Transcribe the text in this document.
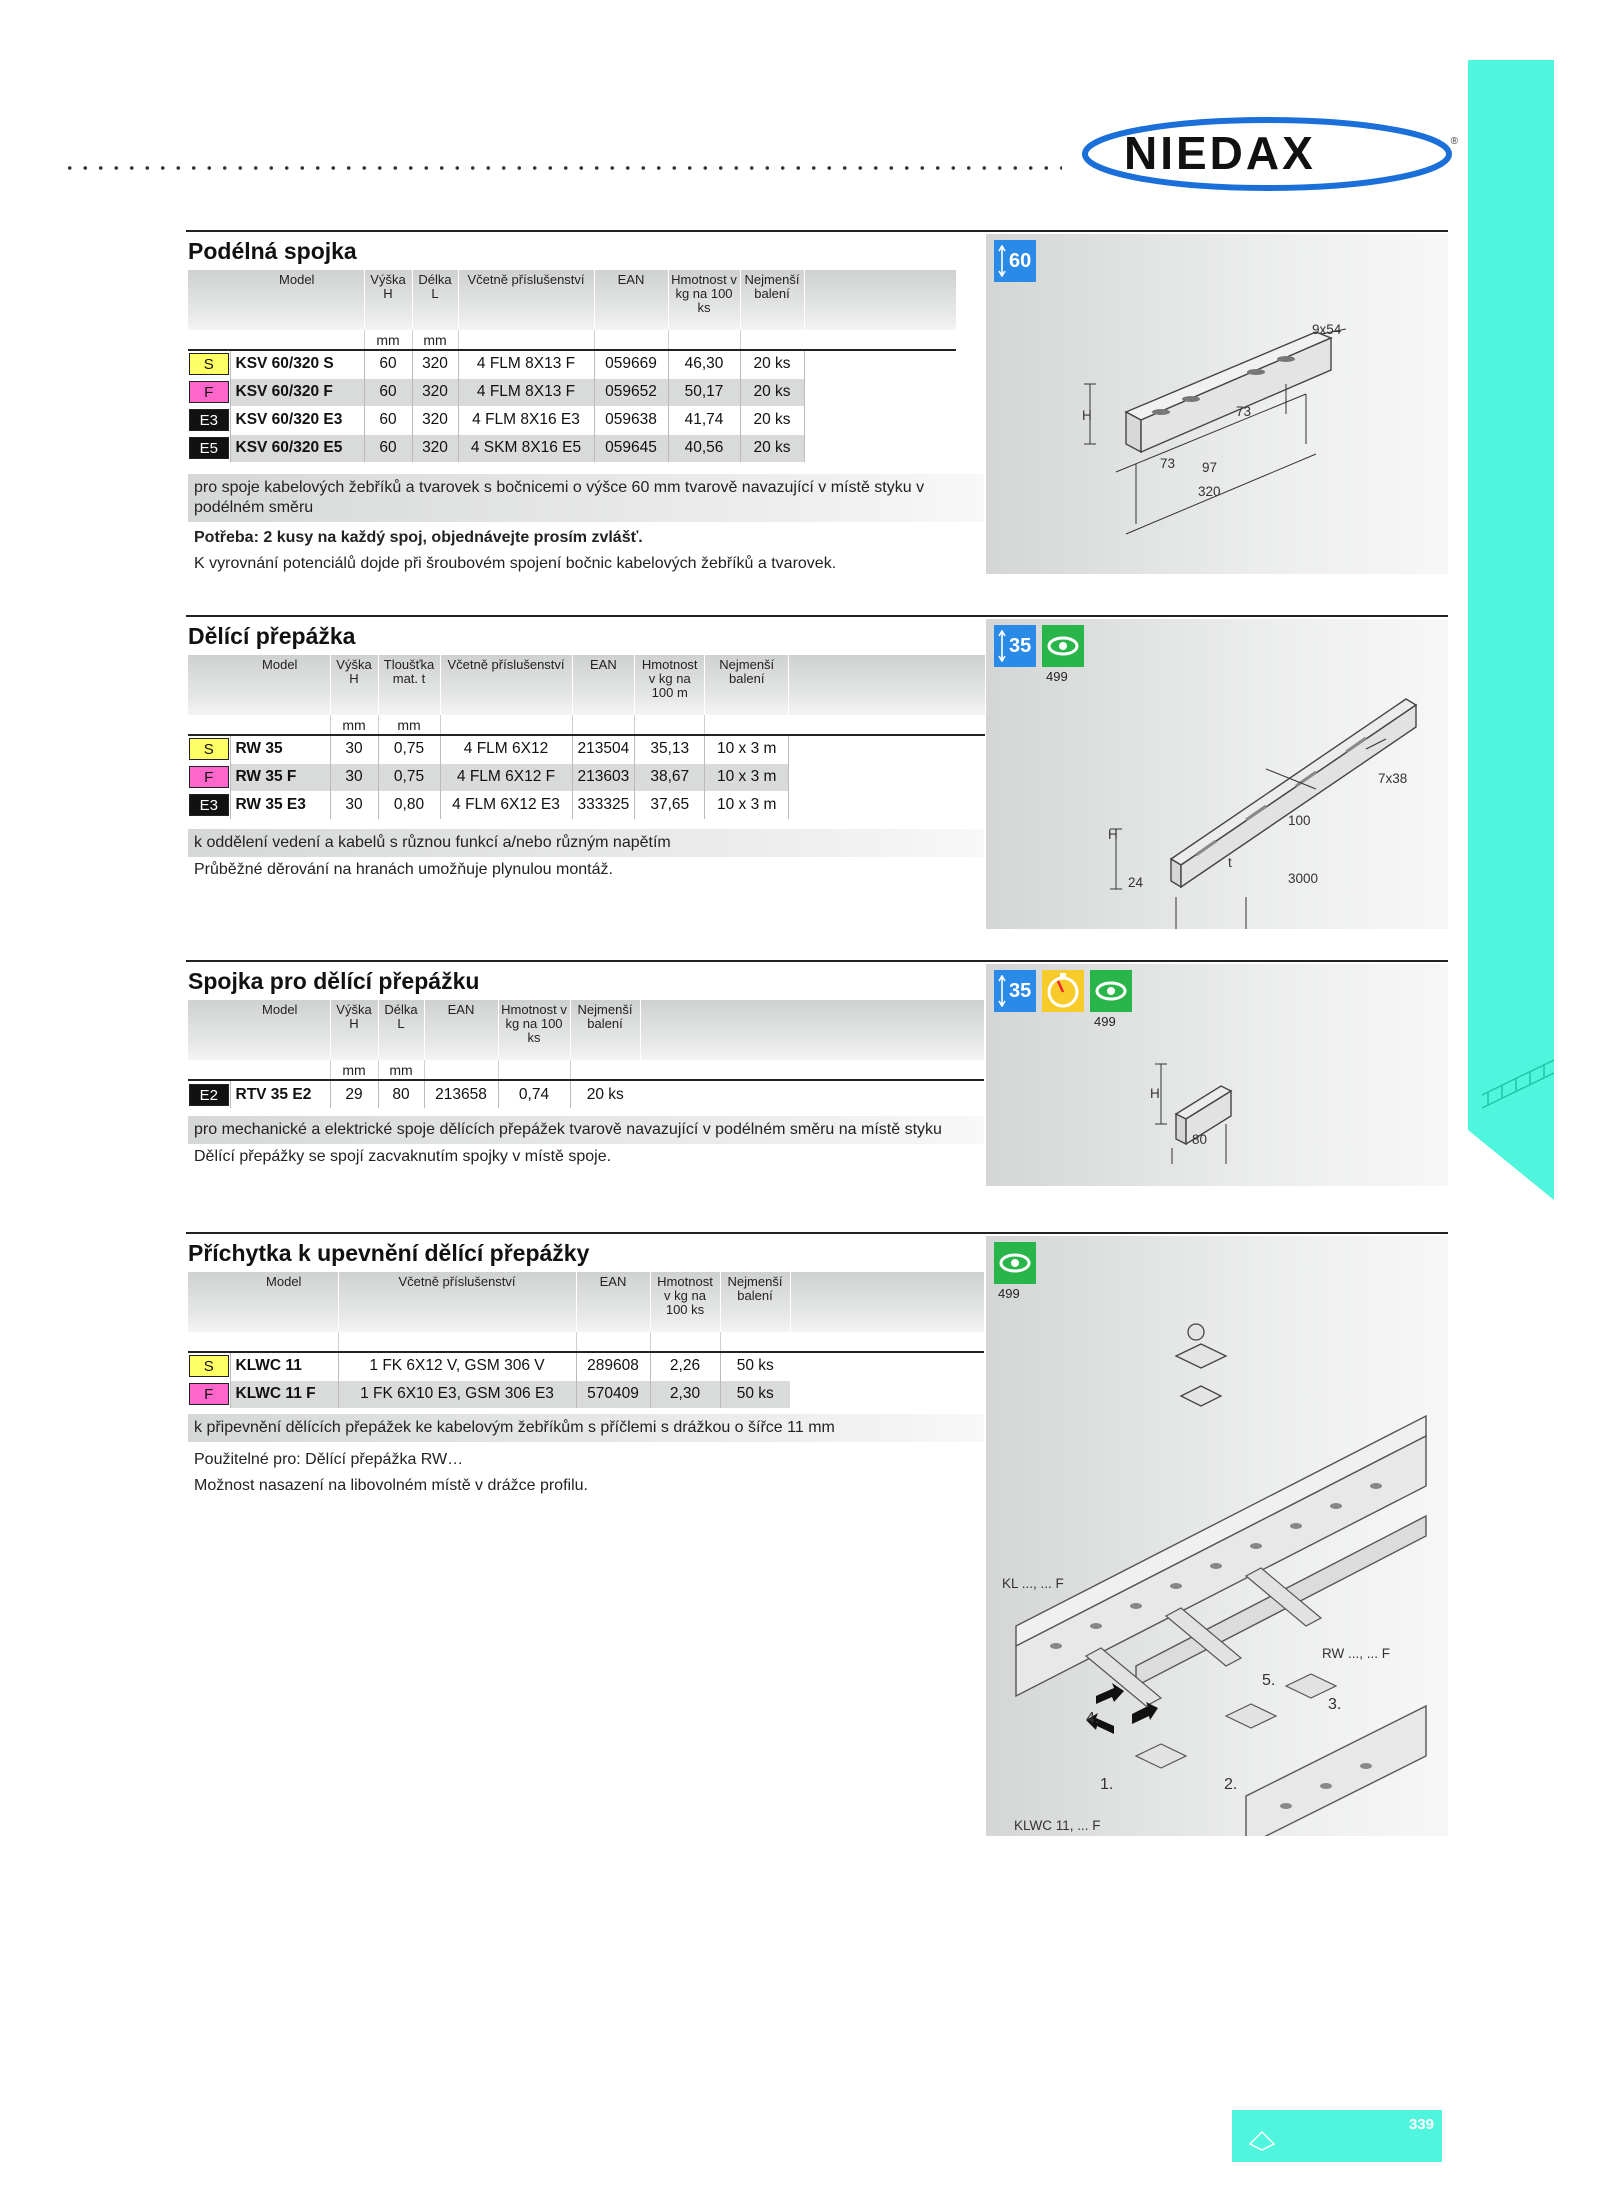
NIEDAX	®
60
9x54
H	73
73 97
320
Podélná spojka
	Model	Výška H	Délka L	Včetně příslušenství	EAN	Hmotnost v kg na 100 ks	Nejmenší balení	
		mm	mm					
S	KSV 60/320 S	60	320	4 FLM 8X13 F	059669	46,30	20 ks	
F	KSV 60/320 F	60	320	4 FLM 8X13 F	059652	50,17	20 ks	
E3	KSV 60/320 E3	60	320	4 FLM 8X16 E3	059638	41,74	20 ks	
E5	KSV 60/320 E5	60	320	4 SKM 8X16 E5	059645	40,56	20 ks	
pro spoje kabelových žebříků a tvarovek s bočnicemi o výšce 60 mm tvarově navazující v místě styku v podélném směru

Potřeba: 2 kusy na každý spoj, objednávejte prosím zvlášť.

K vyrovnání potenciálů dojde při šroubovém spojení bočnic kabelových žebříků a tvarovek.

35
499
7x38
H
100
t
3000
24
Dělící přepážka
	Model	Výška H	Tloušťka mat. t	Včetně příslušenství	EAN	Hmotnost v kg na 100 m	Nejmenší balení	
		mm	mm					
S	RW 35	30	0,75	4 FLM 6X12	213504	35,13	10 x 3 m	
F	RW 35 F	30	0,75	4 FLM 6X12 F	213603	38,67	10 x 3 m	
E3	RW 35 E3	30	0,80	4 FLM 6X12 E3	333325	37,65	10 x 3 m	
k oddělení vedení a kabelů s různou funkcí a/nebo různým napětím

Průběžné děrování na hranách umožňuje plynulou montáž.

35
499
H
80
Spojka pro dělící přepážku
	Model	Výška H	Délka L	EAN	Hmotnost v kg na 100 ks	Nejmenší balení	
		mm	mm				
E2	RTV 35 E2	29	80	213658	0,74	20 ks	
pro mechanické a elektrické spoje dělících přepážek tvarově navazující v podélném směru na místě styku

Dělící přepážky se spojí zacvaknutím spojky v místě spoje.

499
KL ..., ... F
RW ..., ... F
5.
3.
4.
1.	2.
KLWC 11, ... F
Příchytka k upevnění dělící přepážky
	Model	Včetně příslušenství	EAN	Hmotnost v kg na 100 ks	Nejmenší balení	

S	KLWC 11	1 FK 6X12 V, GSM 306 V	289608	2,26	50 ks	
F	KLWC 11 F	1 FK 6X10 E3, GSM 306 E3	570409	2,30	50 ks	
k připevnění dělících přepážek ke kabelovým žebříkům s příčlemi s drážkou o šířce 11 mm

Použitelné pro: Dělící přepážka RW…

Možnost nasazení na libovolném místě v drážce profilu.

339
